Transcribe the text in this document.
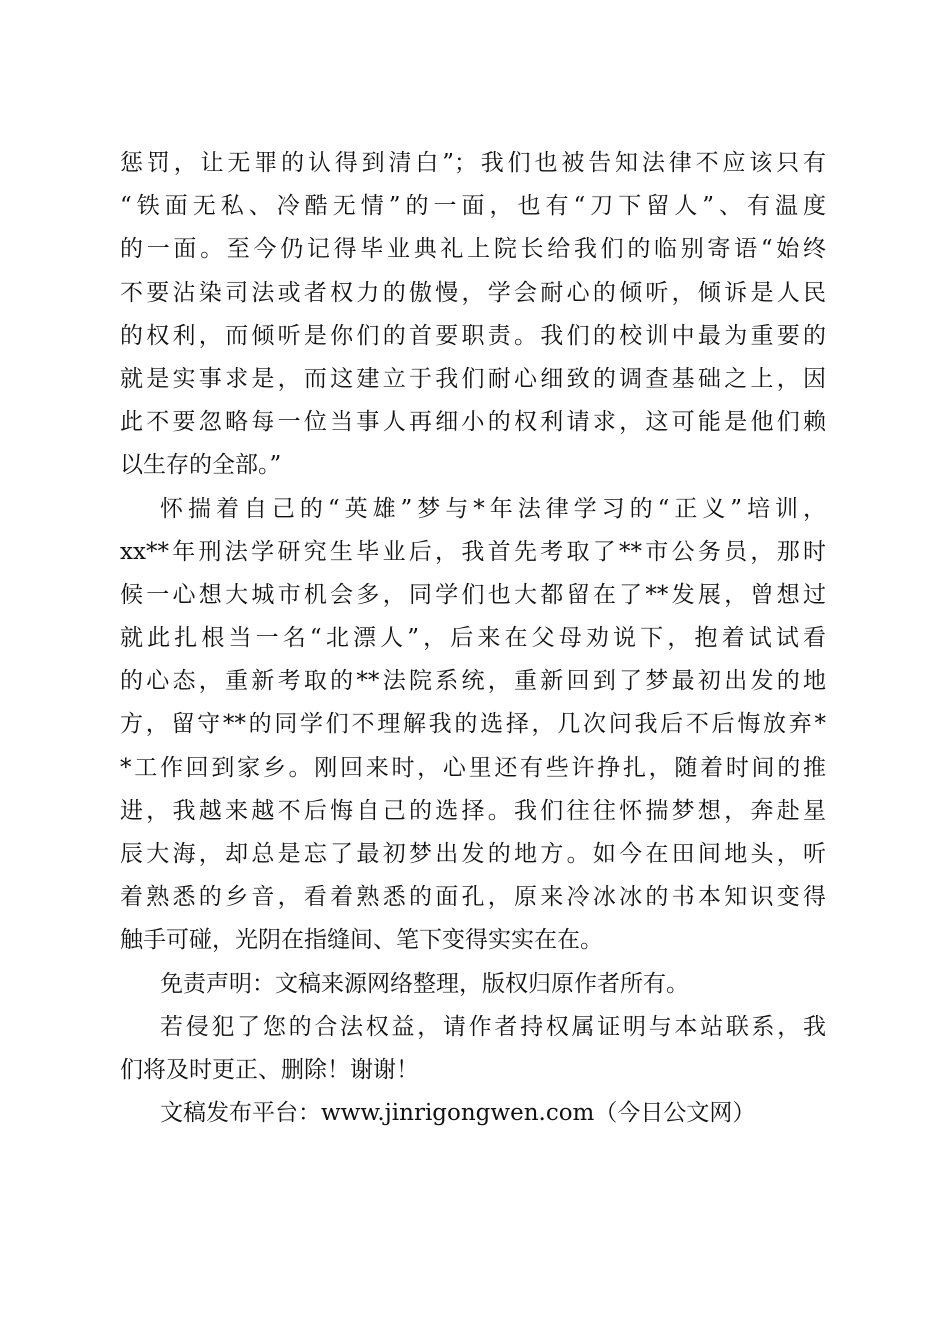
惩罚，让无罪的认得到清白”；我们也被告知法律不应该只有
“铁面无私、冷酷无情”的一面，也有“刀下留人”、有温度
的一面。至今仍记得毕业典礼上院长给我们的临别寄语“始终
不要沾染司法或者权力的傲慢，学会耐心的倾听，倾诉是人民
的权利，而倾听是你们的首要职责。我们的校训中最为重要的
就是实事求是，而这建立于我们耐心细致的调查基础之上，因
此不要忽略每一位当事人再细小的权利请求，这可能是他们赖
以生存的全部。”
怀揣着自己的“英雄”梦与*年法律学习的“正义”培训，
xx**年刑法学研究生毕业后，我首先考取了**市公务员，那时
候一心想大城市机会多，同学们也大都留在了**发展，曾想过
就此扎根当一名“北漂人”，后来在父母劝说下，抱着试试看
的心态，重新考取的**法院系统，重新回到了梦最初出发的地
方，留守**的同学们不理解我的选择，几次问我后不后悔放弃*
*工作回到家乡。刚回来时，心里还有些许挣扎，随着时间的推
进，我越来越不后悔自己的选择。我们往往怀揣梦想，奔赴星
辰大海，却总是忘了最初梦出发的地方。如今在田间地头，听
着熟悉的乡音，看着熟悉的面孔，原来冷冰冰的书本知识变得
触手可碰，光阴在指缝间、笔下变得实实在在。
免责声明：文稿来源网络整理，版权归原作者所有。
若侵犯了您的合法权益，请作者持权属证明与本站联系，我
们将及时更正、删除！谢谢！
文稿发布平台：www.jinrigongwen.com（今日公文网）
